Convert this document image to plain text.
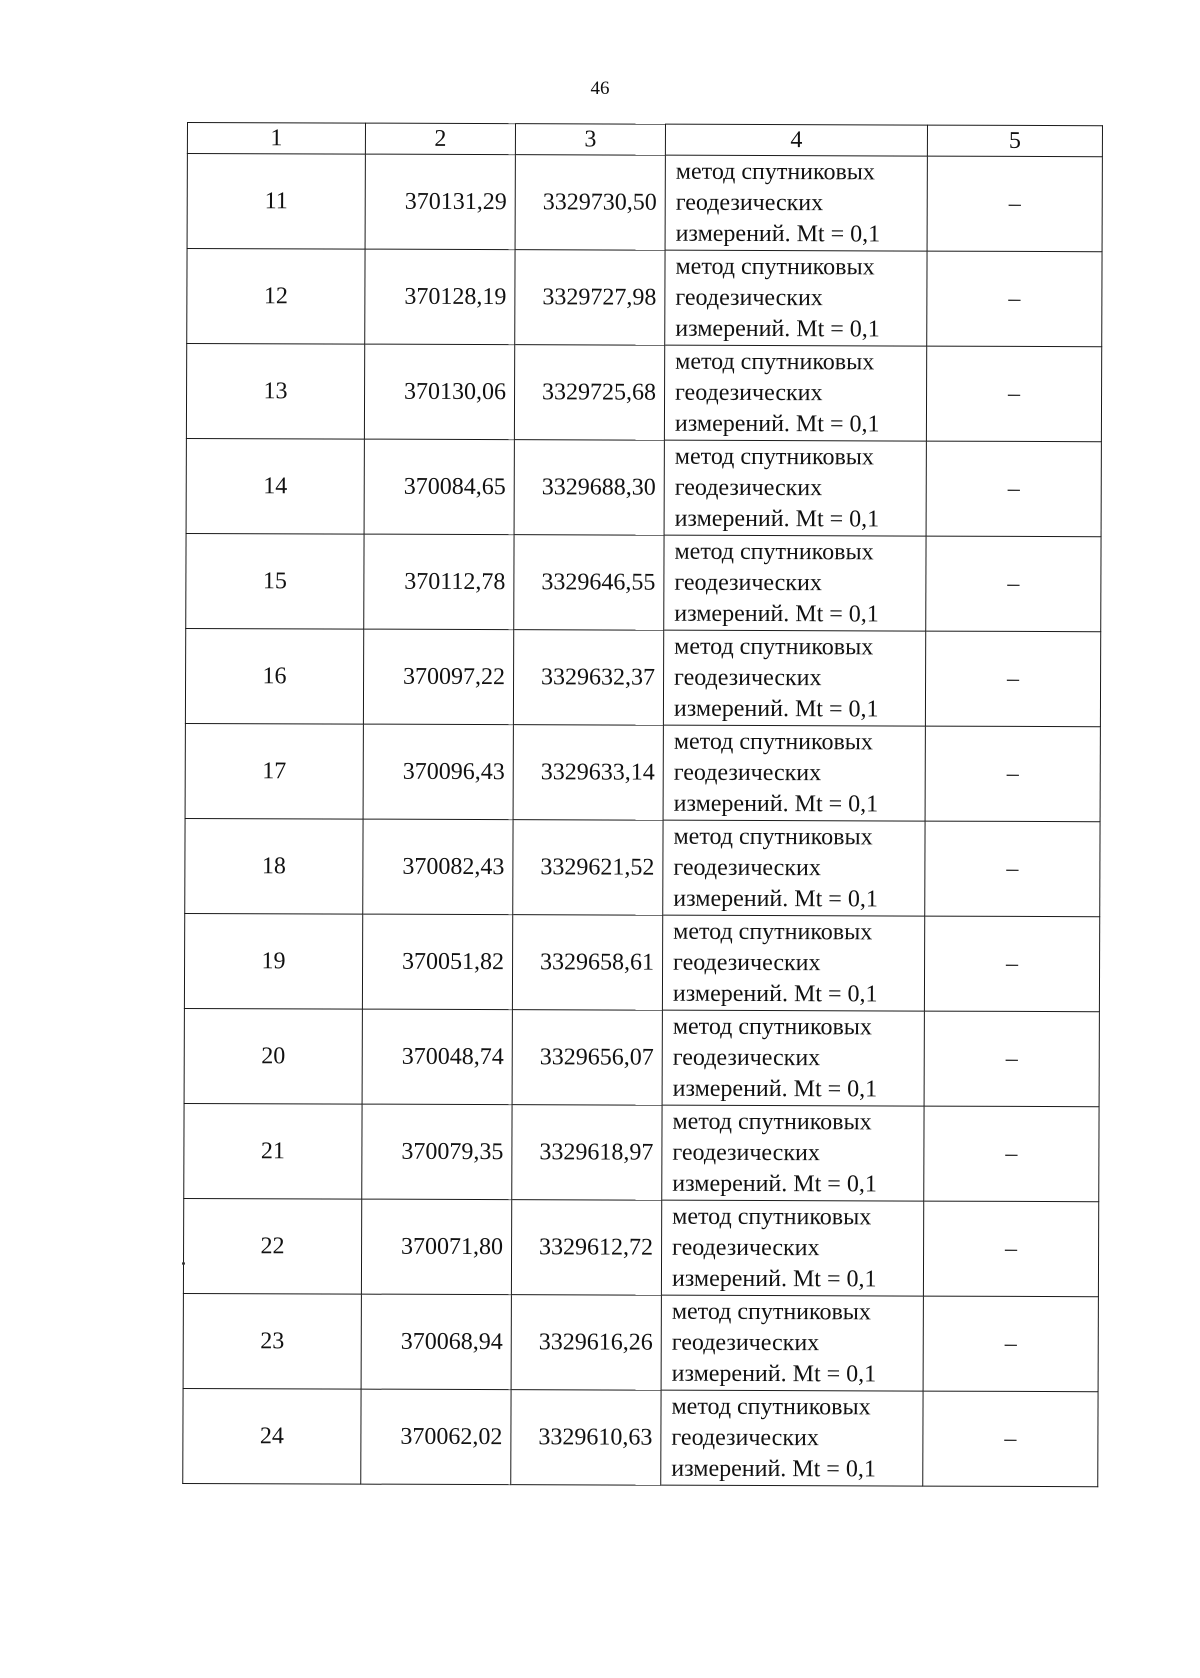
46
1	2	3	4	5
11	370131,29	3329730,50	метод спутниковых
геодезических
измерений. Mt = 0,1	–
12	370128,19	3329727,98	метод спутниковых
геодезических
измерений. Mt = 0,1	–
13	370130,06	3329725,68	метод спутниковых
геодезических
измерений. Mt = 0,1	–
14	370084,65	3329688,30	метод спутниковых
геодезических
измерений. Mt = 0,1	–
15	370112,78	3329646,55	метод спутниковых
геодезических
измерений. Mt = 0,1	–
16	370097,22	3329632,37	метод спутниковых
геодезических
измерений. Mt = 0,1	–
17	370096,43	3329633,14	метод спутниковых
геодезических
измерений. Mt = 0,1	–
18	370082,43	3329621,52	метод спутниковых
геодезических
измерений. Mt = 0,1	–
19	370051,82	3329658,61	метод спутниковых
геодезических
измерений. Mt = 0,1	–
20	370048,74	3329656,07	метод спутниковых
геодезических
измерений. Mt = 0,1	–
21	370079,35	3329618,97	метод спутниковых
геодезических
измерений. Mt = 0,1	–
22	370071,80	3329612,72	метод спутниковых
геодезических
измерений. Mt = 0,1	–
23	370068,94	3329616,26	метод спутниковых
геодезических
измерений. Mt = 0,1	–
24	370062,02	3329610,63	метод спутниковых
геодезических
измерений. Mt = 0,1	–
